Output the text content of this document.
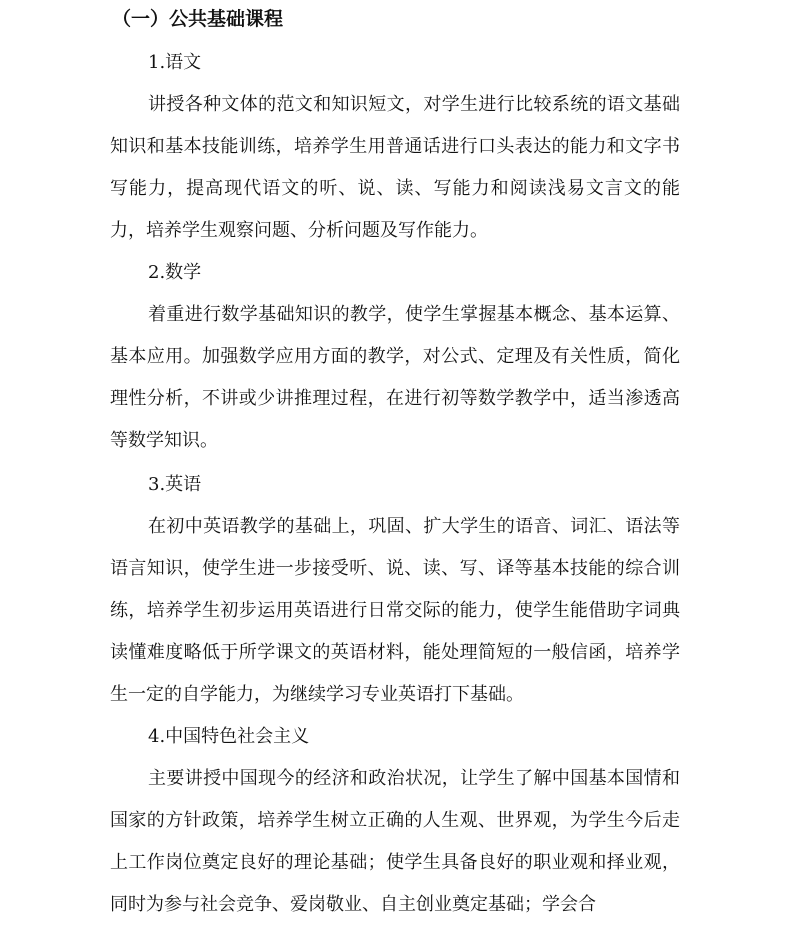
（一）公共基础课程
1.语文

讲授各种文体的范文和知识短文，对学生进行比较系统的语文基础知识和基本技能训练，培养学生用普通话进行口头表达的能力和文字书写能力，提高现代语文的听、说、读、写能力和阅读浅易文言文的能力，培养学生观察问题、分析问题及写作能力。

2.数学

着重进行数学基础知识的教学，使学生掌握基本概念、基本运算、基本应用。加强数学应用方面的教学，对公式、定理及有关性质，简化理性分析，不讲或少讲推理过程，在进行初等数学教学中，适当渗透高等数学知识。

3.英语

在初中英语教学的基础上，巩固、扩大学生的语音、词汇、语法等语言知识，使学生进一步接受听、说、读、写、译等基本技能的综合训练，培养学生初步运用英语进行日常交际的能力，使学生能借助字词典读懂难度略低于所学课文的英语材料，能处理简短的一般信函，培养学生一定的自学能力，为继续学习专业英语打下基础。

4.中国特色社会主义

主要讲授中国现今的经济和政治状况，让学生了解中国基本国情和国家的方针政策，培养学生树立正确的人生观、世界观，为学生今后走上工作岗位奠定良好的理论基础；使学生具备良好的职业观和择业观，同时为参与社会竞争、爱岗敬业、自主创业奠定基础；学会合
